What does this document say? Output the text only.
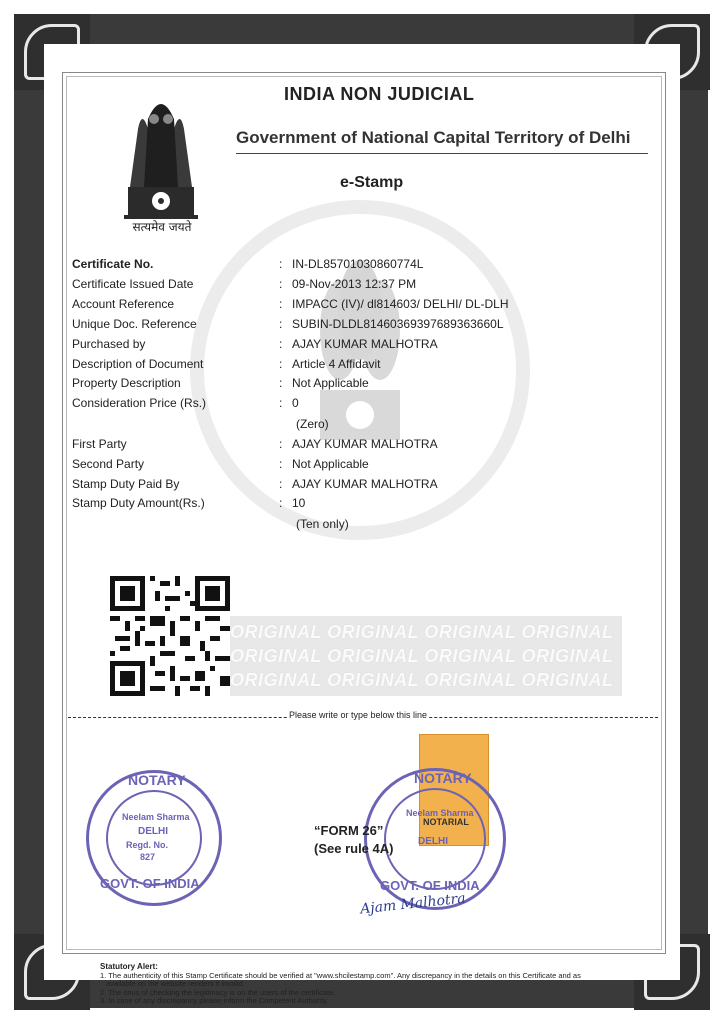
सत्यमेव जयते
INDIA NON JUDICIAL
Government of National Capital Territory of Delhi
e-Stamp
Certificate No.	: IN-DL85701030860774L
Certificate Issued Date	: 09-Nov-2013 12:37 PM
Account Reference	: IMPACC (IV)/ dl814603/ DELHI/ DL-DLH
Unique Doc. Reference	: SUBIN-DLDL81460369397689363660L
Purchased by	: AJAY KUMAR MALHOTRA
Description of Document	: Article 4 Affidavit
Property Description	: Not Applicable
Consideration Price (Rs.)	: 0
(Zero)
First Party	: AJAY KUMAR MALHOTRA
Second Party	: Not Applicable
Stamp Duty Paid By	: AJAY KUMAR MALHOTRA
Stamp Duty Amount(Rs.)	: 10
(Ten only)
ORIGINAL ORIGINAL ORIGINAL ORIGINAL
ORIGINAL ORIGINAL ORIGINAL ORIGINAL
ORIGINAL ORIGINAL ORIGINAL ORIGINAL
Please write or type below this line
NOTARY
GOVT. OF INDIA
Neelam Sharma
DELHI
Regd. No.
827
NOTARY
GOVT. OF INDIA
Neelam Sharma
DELHI
NOTARIAL
“FORM 26”
(See rule 4A)
Ajam Malhotra
Statutory Alert:
1. The authenticity of this Stamp Certificate should be verified at "www.shcilestamp.com". Any discrepancy in the details on this Certificate and as
available on the website renders it invalid.
2. The onus of checking the legitimacy is on the users of the certificate.
3. In case of any discrepancy please inform the Competent Authority.
